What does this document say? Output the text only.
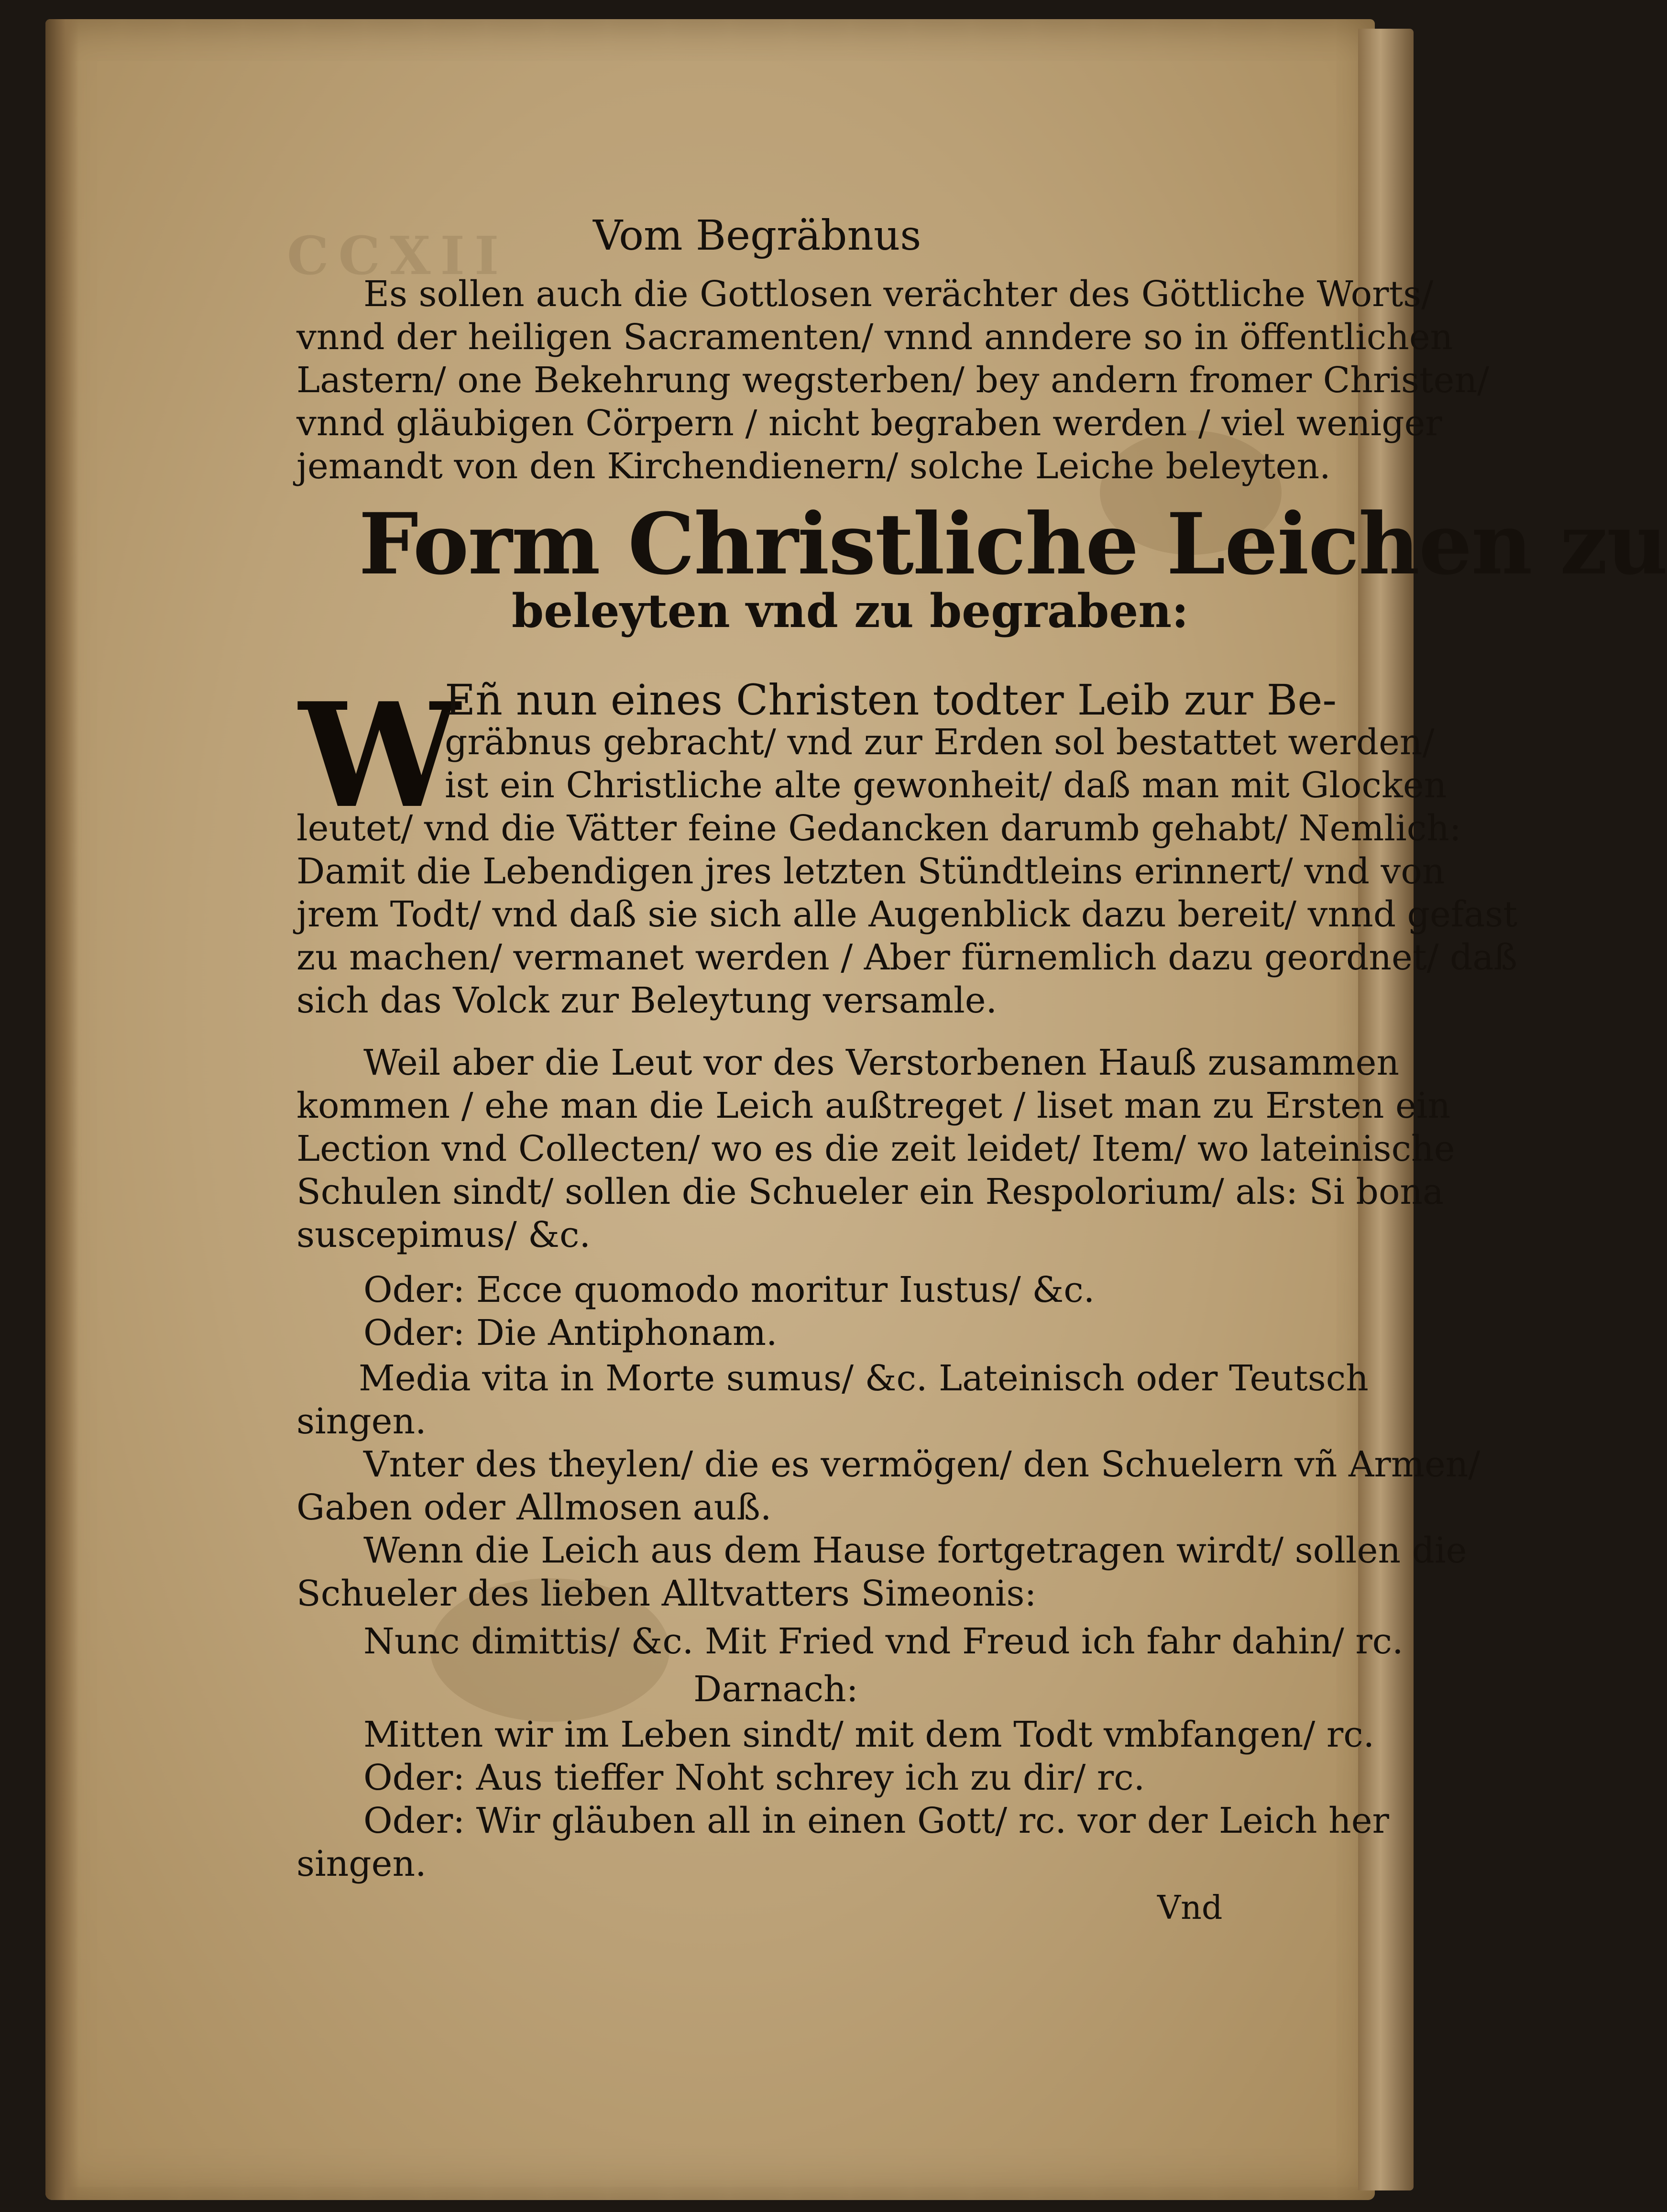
CCXII Vom Begräbnus
Es sollen auch die Gottlosen verächter des Göttliche Worts/
vnnd der heiligen Sacramenten/ vnnd anndere so in öffentlichen
Lastern/ one Bekehrung wegsterben/ bey andern fromer Christen/
vnnd gläubigen Cörpern / nicht begraben werden / viel weniger
jemandt von den Kirchendienern/ solche Leiche beleyten.
Form Christliche Leichen zu
beleyten vnd zu begraben:
W
Eñ nun eines Christen todter Leib zur Be-
gräbnus gebracht/ vnd zur Erden sol bestattet werden/
ist ein Christliche alte gewonheit/ daß man mit Glocken
leutet/ vnd die Vätter feine Gedancken darumb gehabt/ Nemlich:
Damit die Lebendigen jres letzten Stündtleins erinnert/ vnd von
jrem Todt/ vnd daß sie sich alle Augenblick dazu bereit/ vnnd gefast
zu machen/ vermanet werden / Aber fürnemlich dazu geordnet/ daß
sich das Volck zur Beleytung versamle.
Weil aber die Leut vor des Verstorbenen Hauß zusammen
kommen / ehe man die Leich außtreget / liset man zu Ersten ein
Lection vnd Collecten/ wo es die zeit leidet/ Item/ wo lateinische
Schulen sindt/ sollen die Schueler ein Respolorium/ als: Si bona
suscepimus/ &c.
Oder: Ecce quomodo moritur Iustus/ &c.
Oder: Die Antiphonam.
Media vita in Morte sumus/ &c. Lateinisch oder Teutsch
singen.
Vnter des theylen/ die es vermögen/ den Schuelern vñ Armen/
Gaben oder Allmosen auß.
Wenn die Leich aus dem Hause fortgetragen wirdt/ sollen die
Schueler des lieben Alltvatters Simeonis:
Nunc dimittis/ &c. Mit Fried vnd Freud ich fahr dahin/ rc.
Darnach:
Mitten wir im Leben sindt/ mit dem Todt vmbfangen/ rc.
Oder: Aus tieffer Noht schrey ich zu dir/ rc.
Oder: Wir gläuben all in einen Gott/ rc. vor der Leich her
singen.
Vnd
